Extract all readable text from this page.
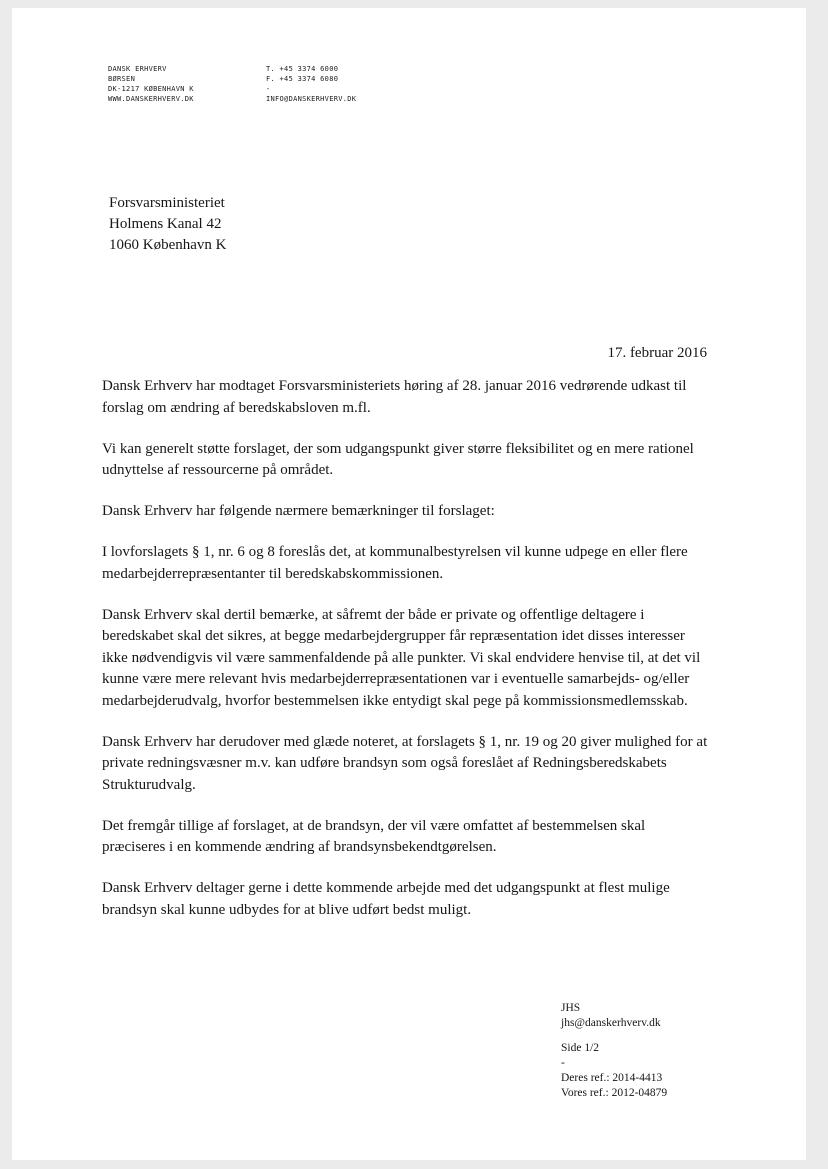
DANSK ERHVERV
BØRSEN
DK-1217 KØBENHAVN K
WWW.DANSKERHVERV.DK
T. +45 3374 6000
F. +45 3374 6080
-
INFO@DANSKERHVERV.DK
Forsvarsministeriet
Holmens Kanal 42
1060 København K
17. februar 2016

Dansk Erhverv har modtaget Forsvarsministeriets høring af 28. januar 2016 vedrørende udkast til forslag om ændring af beredskabsloven m.fl.

Vi kan generelt støtte forslaget, der som udgangspunkt giver større fleksibilitet og en mere rationel udnyttelse af ressourcerne på området.

Dansk Erhverv har følgende nærmere bemærkninger til forslaget:

I lovforslagets § 1, nr. 6 og 8 foreslås det, at kommunalbestyrelsen vil kunne udpege en eller flere medarbejderrepræsentanter til beredskabskommissionen.

Dansk Erhverv skal dertil bemærke, at såfremt der både er private og offentlige deltagere i beredskabet skal det sikres, at begge medarbejdergrupper får repræsentation idet disses interesser ikke nødvendigvis vil være sammenfaldende på alle punkter. Vi skal endvidere henvise til, at det vil kunne være mere relevant hvis medarbejderrepræsentationen var i eventuelle samarbejds- og/eller medarbejderudvalg, hvorfor bestemmelsen ikke entydigt skal pege på kommissionsmedlemsskab.

Dansk Erhverv har derudover med glæde noteret, at forslagets § 1, nr. 19 og 20 giver mulighed for at private redningsvæsner m.v. kan udføre brandsyn som også foreslået af Redningsberedskabets Strukturudvalg.

Det fremgår tillige af forslaget, at de brandsyn, der vil være omfattet af bestemmelsen skal præciseres i en kommende ændring af brandsynsbekendtgørelsen.

Dansk Erhverv deltager gerne i dette kommende arbejde med det udgangspunkt at flest mulige brandsyn skal kunne udbydes for at blive udført bedst muligt.

JHS
jhs@danskerhverv.dk
Side 1/2
-
Deres ref.: 2014-4413
Vores ref.: 2012-04879
